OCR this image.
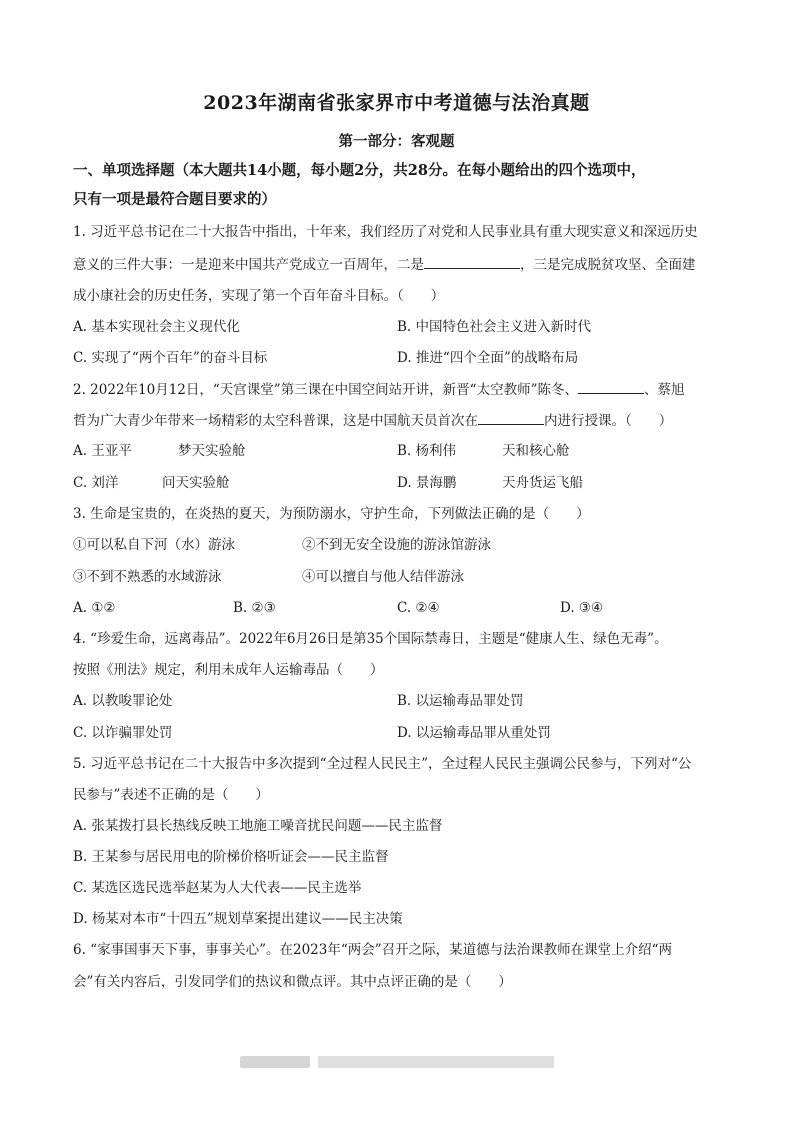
2023年湖南省张家界市中考道德与法治真题
第一部分：客观题
一、单项选择题（本大题共14小题，每小题2分，共28分。在每小题给出的四个选项中，
只有一项是最符合题目要求的）
1. 习近平总书记在二十大报告中指出，十年来，我们经历了对党和人民事业具有重大现实意义和深远历史
意义的三件大事：一是迎来中国共产党成立一百周年，二是	，三是完成脱贫攻坚、全面建
成小康社会的历史任务，实现了第一个百年奋斗目标。（　　）
A. 基本实现社会主义现代化	B. 中国特色社会主义进入新时代
C. 实现了“两个百年”的奋斗目标	D. 推进“四个全面”的战略布局
2. 2022年10月12日，“天宫课堂”第三课在中国空间站开讲，新晋“太空教师”陈冬、	、蔡旭
哲为广大青少年带来一场精彩的太空科普课，这是中国航天员首次在	内进行授课。（　　）
A. 王亚平	梦天实验舱	B. 杨利伟	天和核心舱
C. 刘洋	问天实验舱	D. 景海鹏	天舟货运飞船
3. 生命是宝贵的，在炎热的夏天，为预防溺水，守护生命，下列做法正确的是（　　）
①可以私自下河（水）游泳	②不到无安全设施的游泳馆游泳
③不到不熟悉的水域游泳	④可以擅自与他人结伴游泳
A. ①②	B. ②③	C. ②④	D. ③④
4. “珍爱生命，远离毒品”。2022年6月26日是第35个国际禁毒日，主题是“健康人生、绿色无毒”。
按照《刑法》规定，利用未成年人运输毒品（　　）
A. 以教唆罪论处	B. 以运输毒品罪处罚
C. 以诈骗罪处罚	D. 以运输毒品罪从重处罚
5. 习近平总书记在二十大报告中多次提到“全过程人民民主”，全过程人民民主强调公民参与，下列对“公
民参与”表述不正确的是（　　）
A. 张某拨打县长热线反映工地施工噪音扰民问题——民主监督
B. 王某参与居民用电的阶梯价格听证会——民主监督
C. 某选区选民选举赵某为人大代表——民主选举
D. 杨某对本市“十四五”规划草案提出建议——民主决策
6. “家事国事天下事，事事关心”。在2023年“两会”召开之际，某道德与法治课教师在课堂上介绍“两
会”有关内容后，引发同学们的热议和微点评。其中点评正确的是（　　）
